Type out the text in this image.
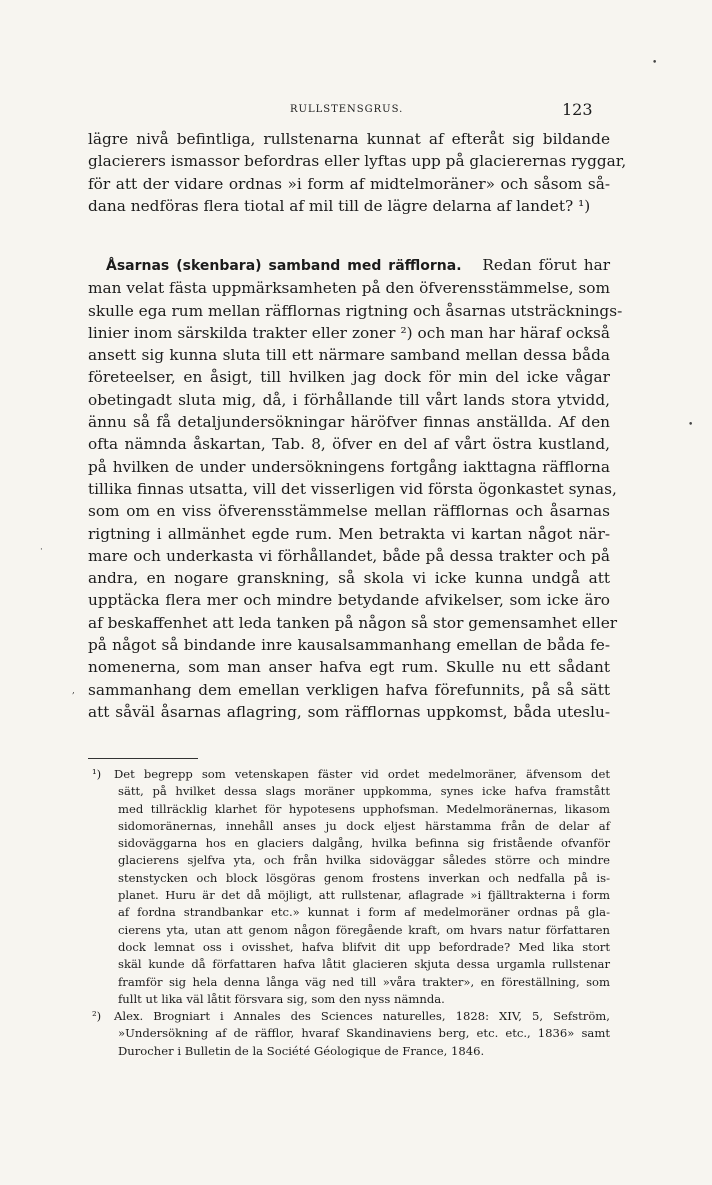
RULLSTENSGRUS.	123
lägre nivå befintliga, rullstenarna kunnat af efteråt sig bildande
glacierers ismassor befordras eller lyftas upp på glacierernas ryggar,
för att der vidare ordnas »i form af midtelmoräner» och såsom så-
dana nedföras flera tiotal af mil till de lägre delarna af landet? ¹)
Åsarnas (skenbara) samband med räfflorna. Redan förut har
man velat fästa uppmärksamheten på den öfverensstämmelse, som
skulle ega rum mellan räfflornas rigtning och åsarnas utsträcknings-
linier inom särskilda trakter eller zoner ²) och man har häraf också
ansett sig kunna sluta till ett närmare samband mellan dessa båda
företeelser, en åsigt, till hvilken jag dock för min del icke vågar
obetingadt sluta mig, då, i förhållande till vårt lands stora ytvidd,
ännu så få detaljundersökningar häröfver finnas anställda. Af den
ofta nämnda åskartan, Tab. 8, öfver en del af vårt östra kustland,
på hvilken de under undersökningens fortgång iakttagna räfflorna
tillika finnas utsatta, vill det visserligen vid första ögonkastet synas,
som om en viss öfverensstämmelse mellan räfflornas och åsarnas
rigtning i allmänhet egde rum. Men betrakta vi kartan något när-
mare och underkasta vi förhållandet, både på dessa trakter och på
andra, en nogare granskning, så skola vi icke kunna undgå att
upptäcka flera mer och mindre betydande afvikelser, som icke äro
af beskaffenhet att leda tanken på någon så stor gemensamhet eller
på något så bindande inre kausalsammanhang emellan de båda fe-
nomenerna, som man anser hafva egt rum. Skulle nu ett sådant
sammanhang dem emellan verkligen hafva förefunnits, på så sätt
att såväl åsarnas aflagring, som räfflornas uppkomst, båda uteslu-
¹) Det begrepp som vetenskapen fäster vid ordet medelmoräner, äfvensom det
sätt, på hvilket dessa slags moräner uppkomma, synes icke hafva framstått
med tillräcklig klarhet för hypotesens upphofsman. Medelmoränernas, likasom
sidomoränernas, innehåll anses ju dock eljest härstamma från de delar af
sidoväggarna hos en glaciers dalgång, hvilka befinna sig fristående ofvanför
glacierens sjelfva yta, och från hvilka sidoväggar således större och mindre
stenstycken och block lösgöras genom frostens inverkan och nedfalla på is-
planet. Huru är det då möjligt, att rullstenar, aflagrade »i fjälltrakterna i form
af fordna strandbankar etc.» kunnat i form af medelmoräner ordnas på gla-
cierens yta, utan att genom någon föregående kraft, om hvars natur författaren
dock lemnat oss i ovisshet, hafva blifvit dit upp befordrade? Med lika stort
skäl kunde då författaren hafva låtit glacieren skjuta dessa urgamla rullstenar
framför sig hela denna långa väg ned till »våra trakter», en föreställning, som
fullt ut lika väl låtit försvara sig, som den nyss nämnda.
²) Alex. Brogniart i Annales des Sciences naturelles, 1828: XIV, 5, Sefström,
»Undersökning af de räfflor, hvaraf Skandinaviens berg, etc. etc., 1836» samt
Durocher i Bulletin de la Société Géologique de France, 1846.
•
•
·
,
